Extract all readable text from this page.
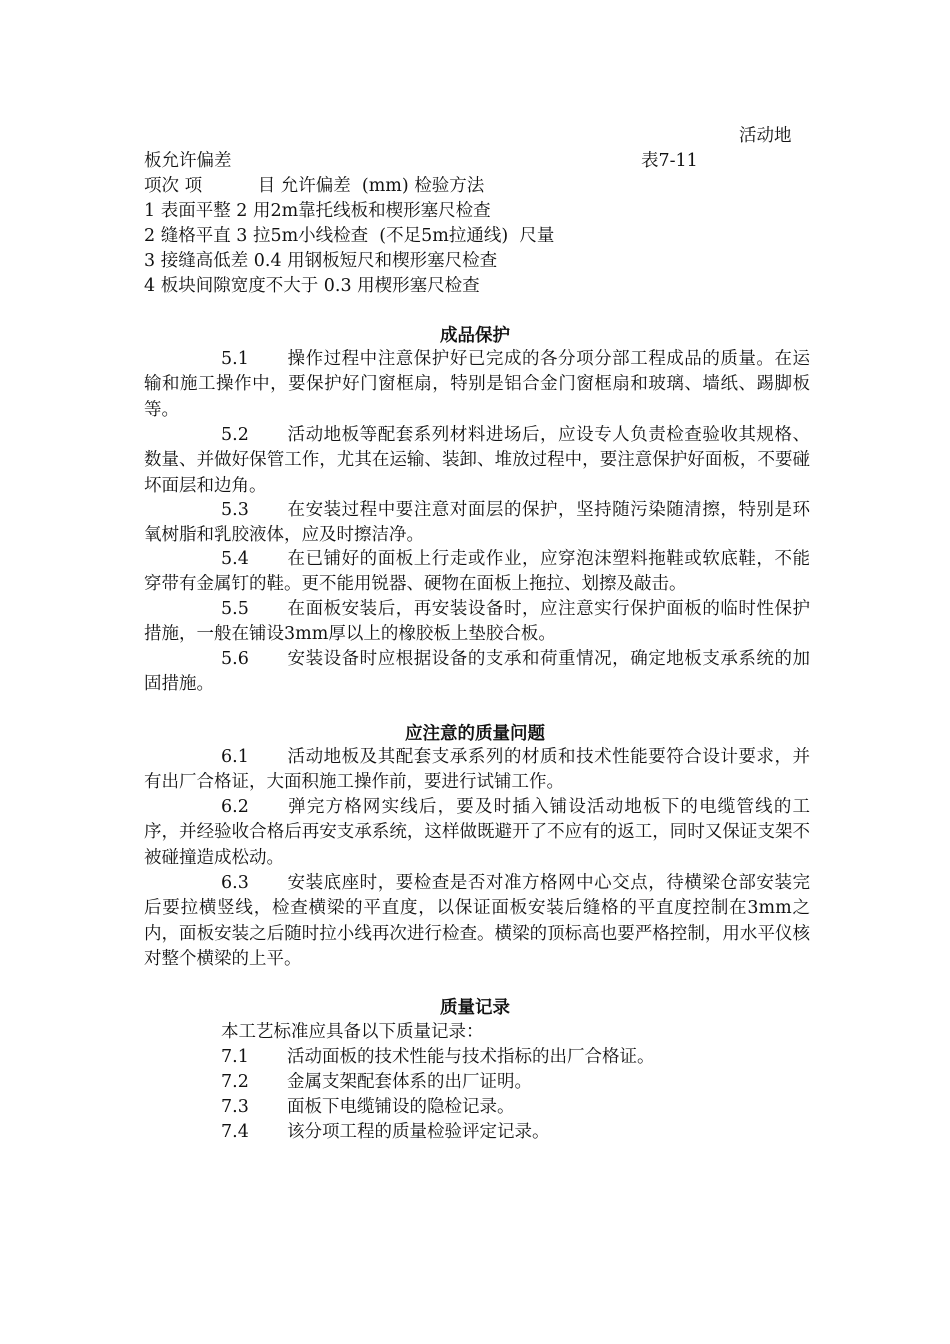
活动地
板允许偏差	表7-11
项次 项          目 允许偏差  (mm) 检验方法
1 表面平整 2 用2m靠托线板和楔形塞尺检查
2 缝格平直 3 拉5m小线检查  (不足5m拉通线)  尺量
3 接缝高低差 0.4 用钢板短尺和楔形塞尺检查
4 板块间隙宽度不大于 0.3 用楔形塞尺检查
成品保护
5.1 操作过程中注意保护好已完成的各分项分部工程成品的质量。在运输和施工操作中，要保护好门窗框扇，特别是铝合金门窗框扇和玻璃、墙纸、踢脚板等。
5.2 活动地板等配套系列材料进场后，应设专人负责检查验收其规格、数量、并做好保管工作，尤其在运输、装卸、堆放过程中，要注意保护好面板，不要碰坏面层和边角。
5.3 在安装过程中要注意对面层的保护，坚持随污染随清擦，特别是环氧树脂和乳胶液体，应及时擦洁净。
5.4 在已铺好的面板上行走或作业，应穿泡沫塑料拖鞋或软底鞋，不能穿带有金属钉的鞋。更不能用锐器、硬物在面板上拖拉、划擦及敲击。
5.5 在面板安装后，再安装设备时，应注意实行保护面板的临时性保护措施，一般在铺设3mm厚以上的橡胶板上垫胶合板。
5.6 安装设备时应根据设备的支承和荷重情况，确定地板支承系统的加固措施。
应注意的质量问题
6.1 活动地板及其配套支承系列的材质和技术性能要符合设计要求，并有出厂合格证，大面积施工操作前，要进行试铺工作。
6.2 弹完方格网实线后，要及时插入铺设活动地板下的电缆管线的工序，并经验收合格后再安支承系统，这样做既避开了不应有的返工，同时又保证支架不被碰撞造成松动。
6.3 安装底座时，要检查是否对准方格网中心交点，待横梁仓部安装完后要拉横竖线，检查横梁的平直度，以保证面板安装后缝格的平直度控制在3mm之内，面板安装之后随时拉小线再次进行检查。横梁的顶标高也要严格控制，用水平仪核对整个横梁的上平。
质量记录
本工艺标准应具备以下质量记录：
7.1 活动面板的技术性能与技术指标的出厂合格证。
7.2 金属支架配套体系的出厂证明。
7.3 面板下电缆铺设的隐检记录。
7.4 该分项工程的质量检验评定记录。
